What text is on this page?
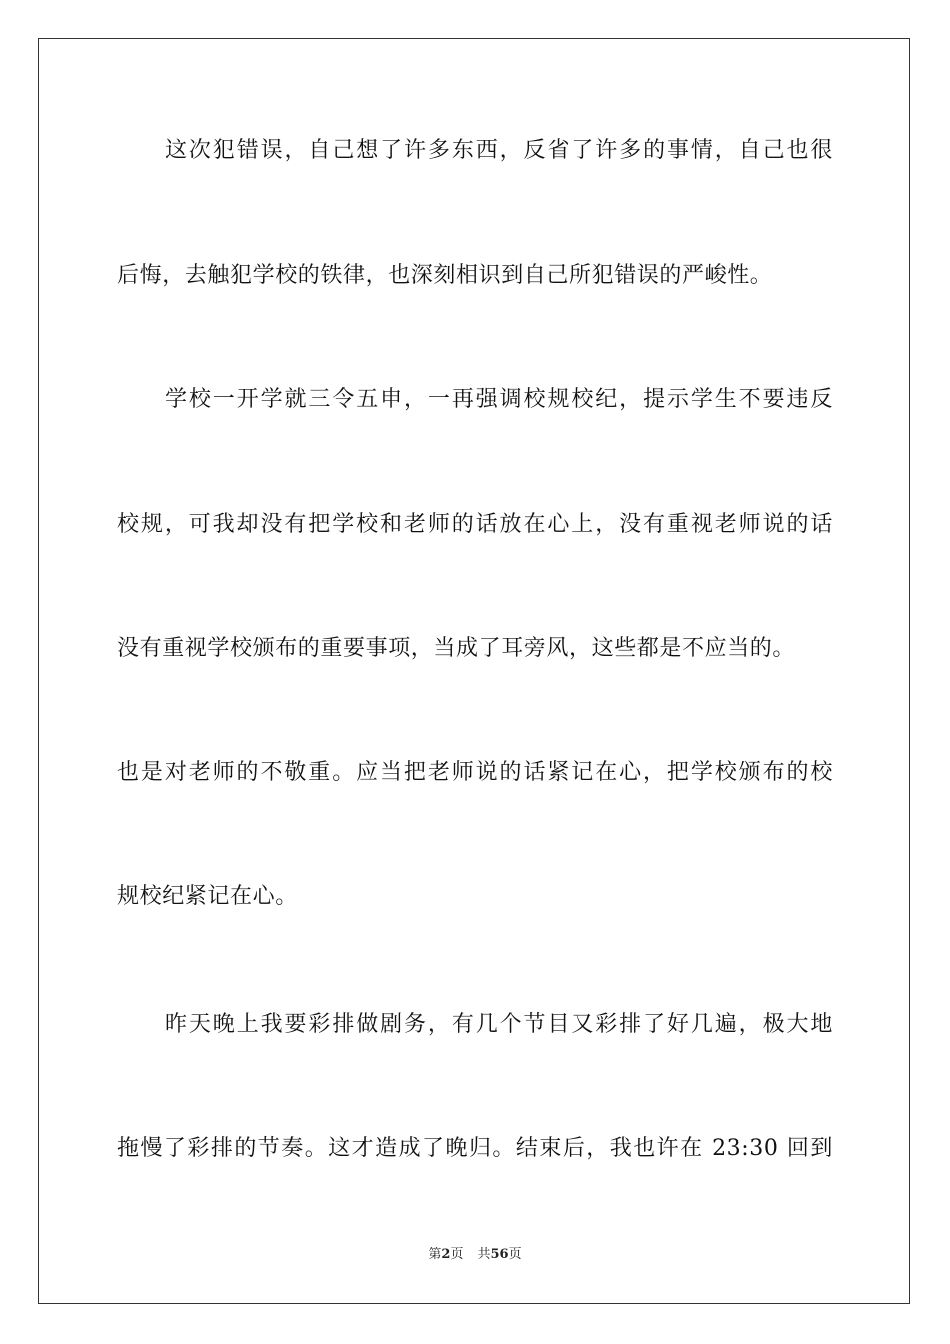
这次犯错误，自己想了许多东西，反省了许多的事情，自己也很
后悔，去触犯学校的铁律，也深刻相识到自己所犯错误的严峻性。
学校一开学就三令五申，一再强调校规校纪，提示学生不要违反
校规，可我却没有把学校和老师的话放在心上，没有重视老师说的话
没有重视学校颁布的重要事项，当成了耳旁风，这些都是不应当的。
也是对老师的不敬重。应当把老师说的话紧记在心，把学校颁布的校
规校纪紧记在心。
昨天晚上我要彩排做剧务，有几个节目又彩排了好几遍，极大地
拖慢了彩排的节奏。这才造成了晚归。结束后，我也许在 23:30 回到
第2页 共56页
